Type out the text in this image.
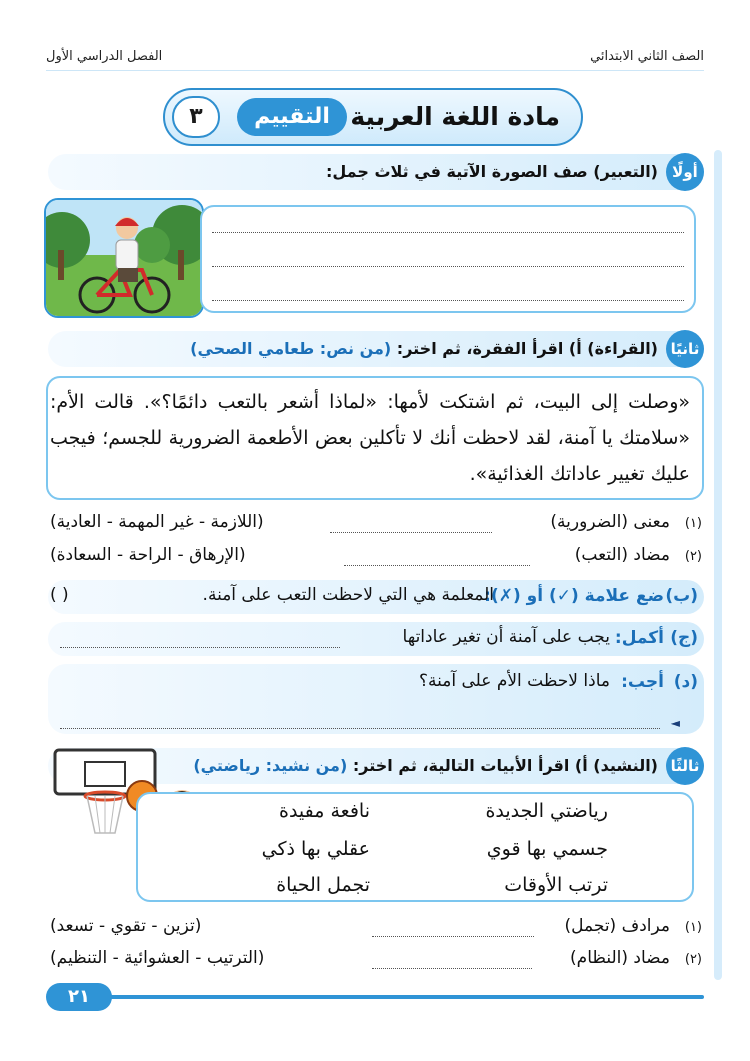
الصف الثاني الابتدائي
الفصل الدراسي الأول
مادة اللغة العربية
التقييم
٣
أولًا
(التعبير) صف الصورة الآتية في ثلاث جمل:
ثانيًا
(القراءة) أ) اقرأ الفقرة، ثم اختر: (من نص: طعامي الصحي)
«وصلت إلى البيت، ثم اشتكت لأمها: «لماذا أشعر بالتعب دائمًا؟». قالت الأم: «سلامتك يا آمنة، لقد لاحظت أنك لا تأكلين بعض الأطعمة الضرورية للجسم؛ فيجب عليك تغيير عاداتك الغذائية».
(١)
معنى (الضرورية)
(اللازمة - غير المهمة - العادية)
(٢)
مضاد (التعب)
(الإرهاق - الراحة - السعادة)
(ب)
ضع علامة (✓) أو (✗):
المعلمة هي التي لاحظت التعب على آمنة.
( )
(ج)
أكمل:
يجب على آمنة أن تغير عاداتها
(د)
أجب:
ماذا لاحظت الأم على آمنة؟
◄
ثالثًا
(النشيد) أ) اقرأ الأبيات التالية، ثم اختر: (من نشيد: رياضتي)
رياضتي الجديدة
نافعة مفيدة
جسمي بها قوي
عقلي بها ذكي
ترتب الأوقات
تجمل الحياة
(١)
مرادف (تجمل)
(تزين - تقوي - تسعد)
(٢)
مضاد (النظام)
(الترتيب - العشوائية - التنظيم)
٢١
